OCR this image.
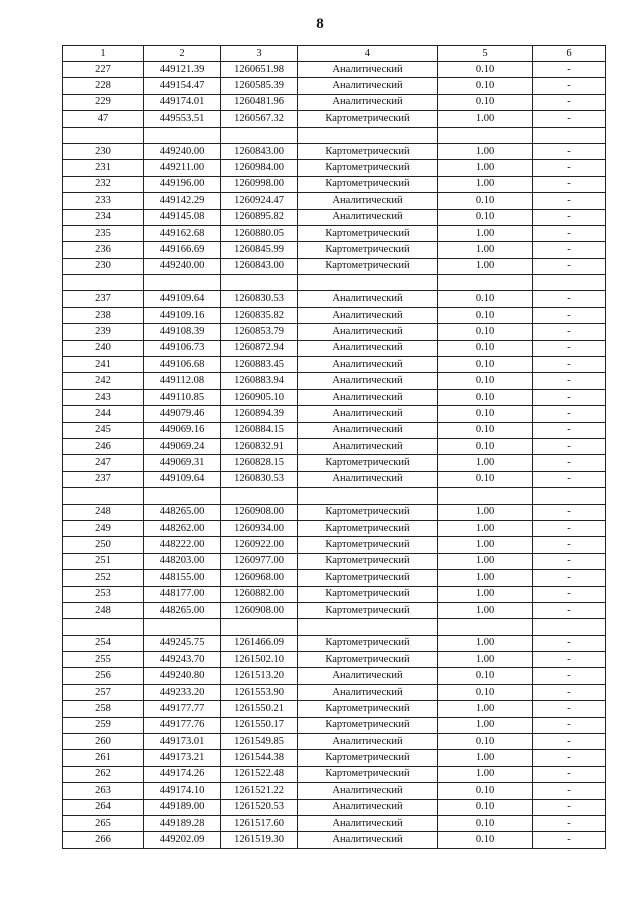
8
1	2	3	4	5	6
227	449121.39	1260651.98	Аналитический	0.10	-
228	449154.47	1260585.39	Аналитический	0.10	-
229	449174.01	1260481.96	Аналитический	0.10	-
47	449553.51	1260567.32	Картометрический	1.00	-

230	449240.00	1260843.00	Картометрический	1.00	-
231	449211.00	1260984.00	Картометрический	1.00	-
232	449196.00	1260998.00	Картометрический	1.00	-
233	449142.29	1260924.47	Аналитический	0.10	-
234	449145.08	1260895.82	Аналитический	0.10	-
235	449162.68	1260880.05	Картометрический	1.00	-
236	449166.69	1260845.99	Картометрический	1.00	-
230	449240.00	1260843.00	Картометрический	1.00	-

237	449109.64	1260830.53	Аналитический	0.10	-
238	449109.16	1260835.82	Аналитический	0.10	-
239	449108.39	1260853.79	Аналитический	0.10	-
240	449106.73	1260872.94	Аналитический	0.10	-
241	449106.68	1260883.45	Аналитический	0.10	-
242	449112.08	1260883.94	Аналитический	0.10	-
243	449110.85	1260905.10	Аналитический	0.10	-
244	449079.46	1260894.39	Аналитический	0.10	-
245	449069.16	1260884.15	Аналитический	0.10	-
246	449069.24	1260832.91	Аналитический	0.10	-
247	449069.31	1260828.15	Картометрический	1.00	-
237	449109.64	1260830.53	Аналитический	0.10	-

248	448265.00	1260908.00	Картометрический	1.00	-
249	448262.00	1260934.00	Картометрический	1.00	-
250	448222.00	1260922.00	Картометрический	1.00	-
251	448203.00	1260977.00	Картометрический	1.00	-
252	448155.00	1260968.00	Картометрический	1.00	-
253	448177.00	1260882.00	Картометрический	1.00	-
248	448265.00	1260908.00	Картометрический	1.00	-

254	449245.75	1261466.09	Картометрический	1.00	-
255	449243.70	1261502.10	Картометрический	1.00	-
256	449240.80	1261513.20	Аналитический	0.10	-
257	449233.20	1261553.90	Аналитический	0.10	-
258	449177.77	1261550.21	Картометрический	1.00	-
259	449177.76	1261550.17	Картометрический	1.00	-
260	449173.01	1261549.85	Аналитический	0.10	-
261	449173.21	1261544.38	Картометрический	1.00	-
262	449174.26	1261522.48	Картометрический	1.00	-
263	449174.10	1261521.22	Аналитический	0.10	-
264	449189.00	1261520.53	Аналитический	0.10	-
265	449189.28	1261517.60	Аналитический	0.10	-
266	449202.09	1261519.30	Аналитический	0.10	-
